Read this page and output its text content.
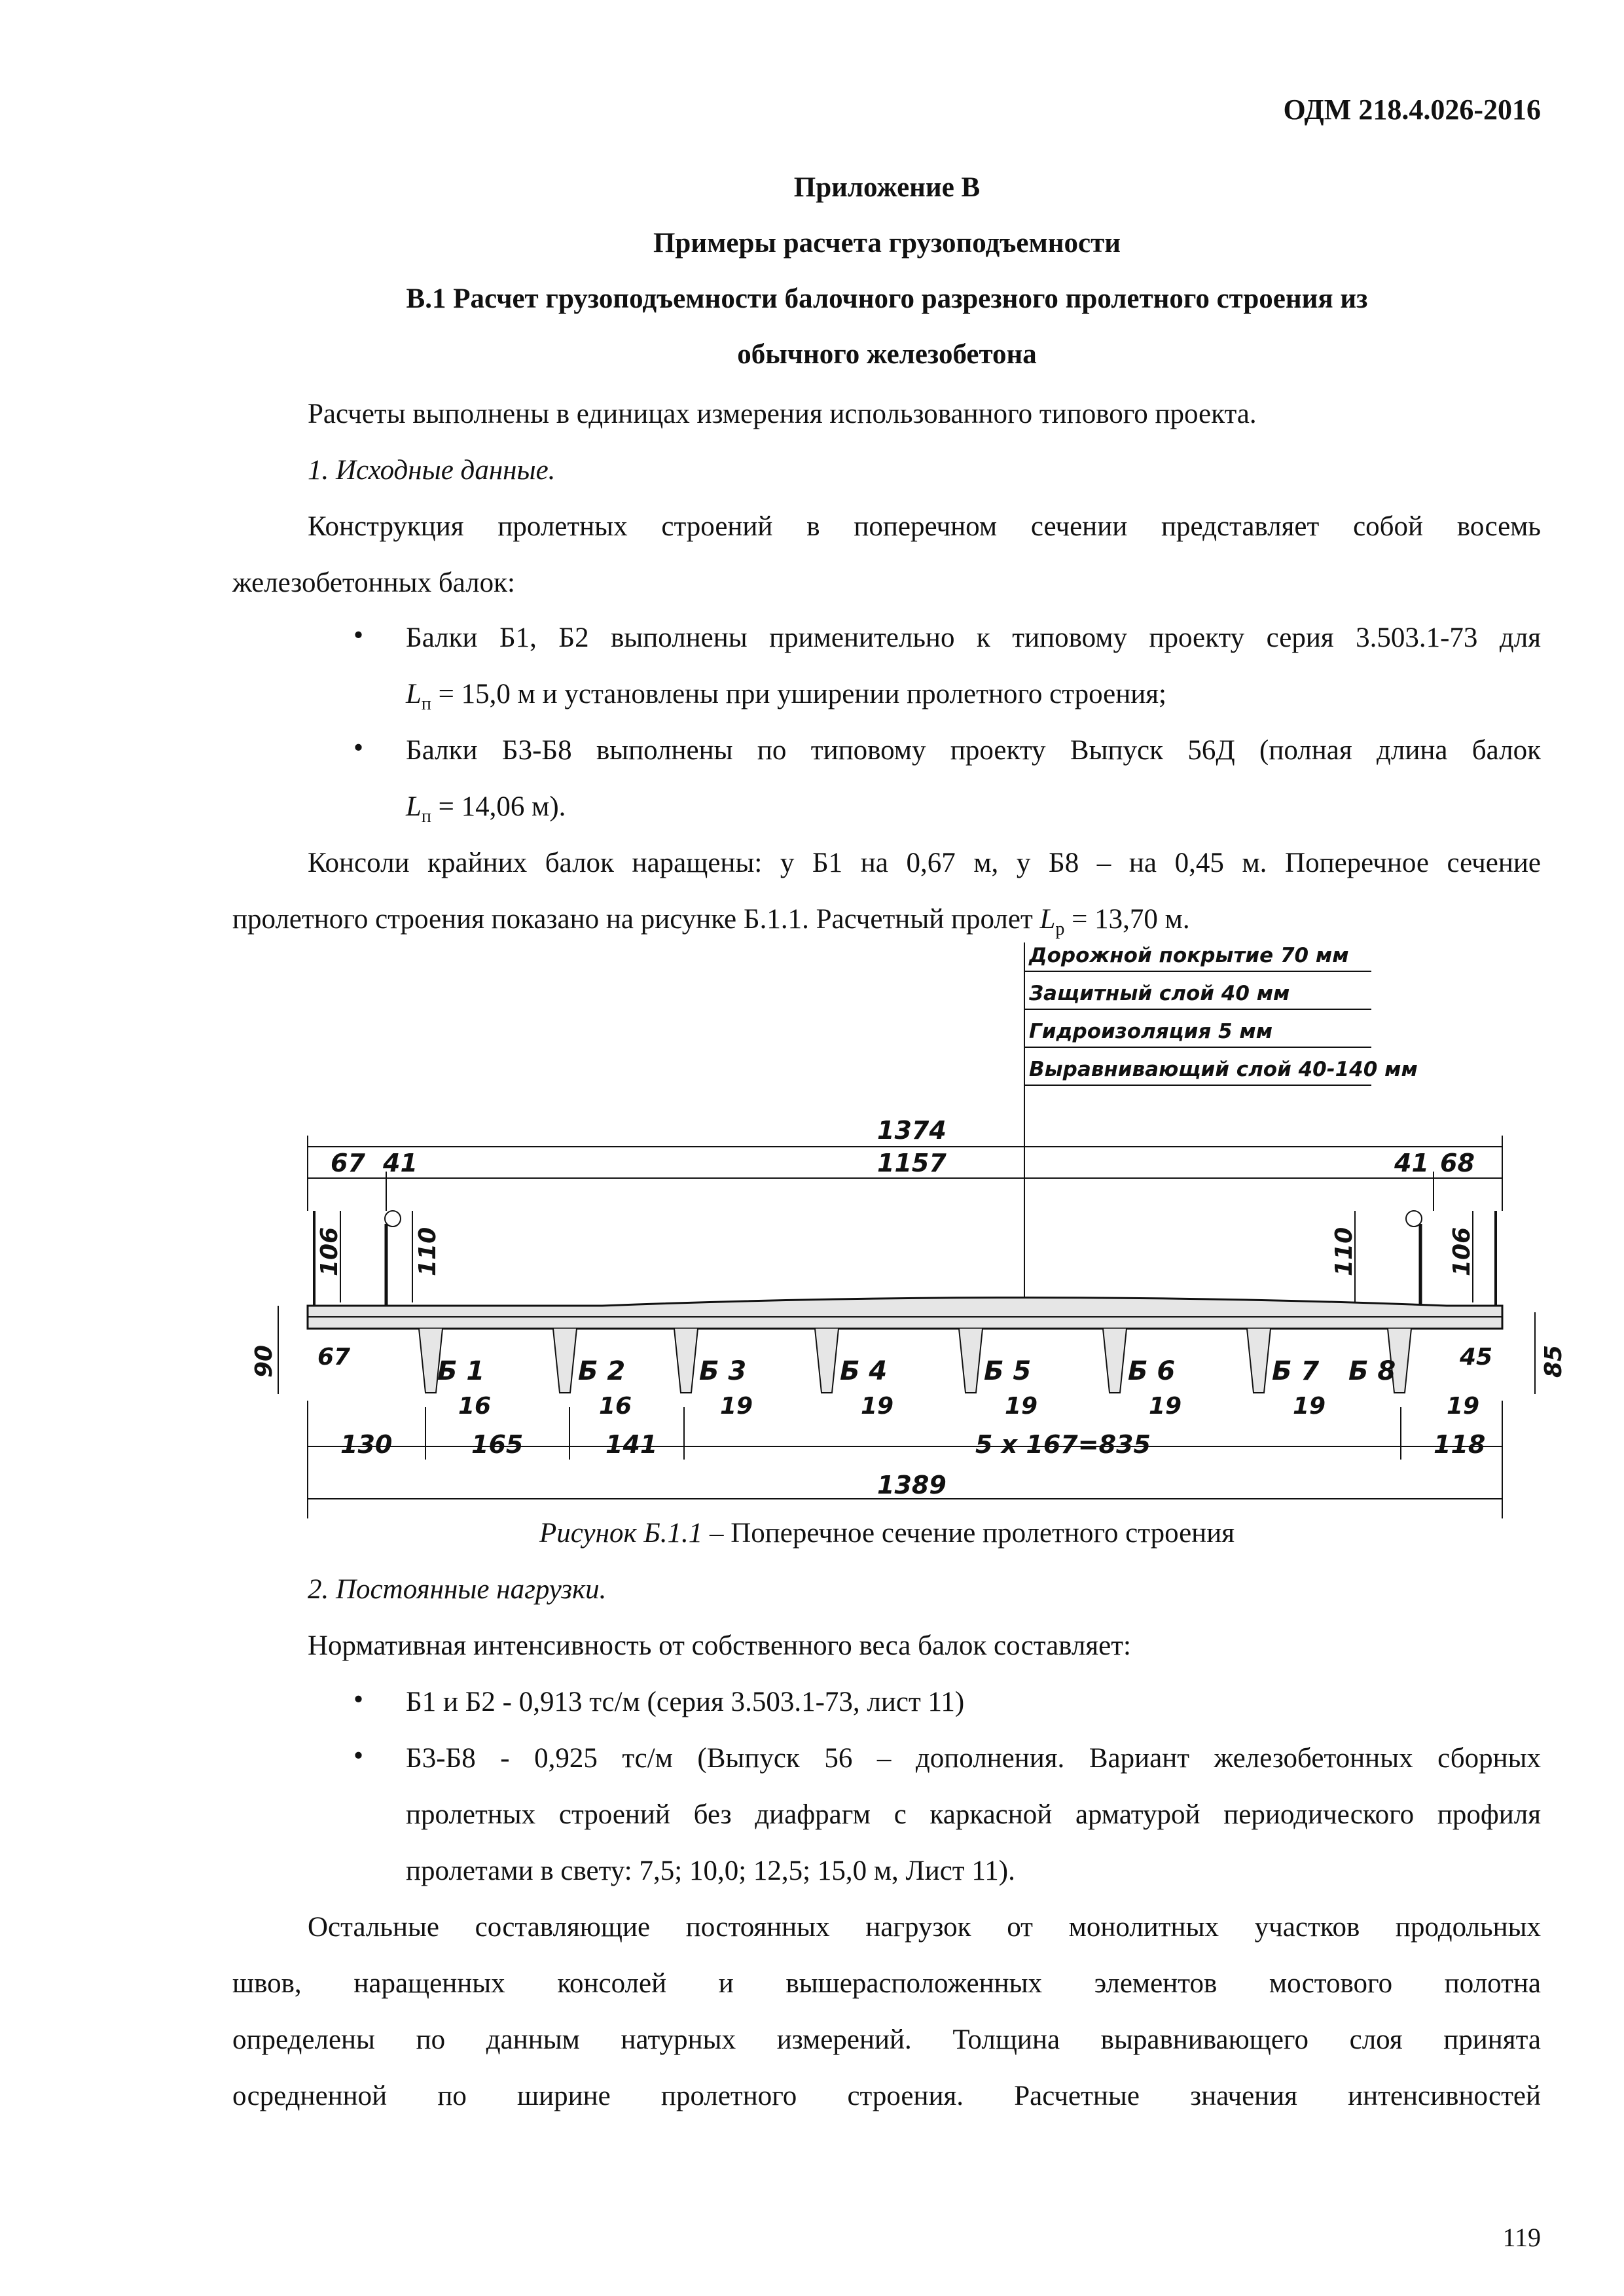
ОДМ 218.4.026-2016
Приложение В
Примеры расчета грузоподъемности
В.1 Расчет грузоподъемности балочного разрезного пролетного строения из
обычного железобетона
Расчеты выполнены в единицах измерения использованного типового проекта.
1. Исходные данные.
Конструкция пролетных строений в поперечном сечении представляет собой восемь
железобетонных балок:
• Балки Б1, Б2 выполнены применительно к типовому проекту серия 3.503.1-73 для
$L_п = 15,0$ м и установлены при уширении пролетного строения;
• Балки Б3-Б8 выполнены по типовому проекту Выпуск 56Д (полная длина балок
$L_п = 14,06$ м).
Консоли крайних балок наращены: у Б1 на 0,67 м, у Б8 – на 0,45 м. Поперечное сечение
пролетного строения показано на рисунке Б.1.1. Расчетный пролет $L_р = 13,70$ м.
Дорожной покрытие 70 мм
Защитный слой 40 мм
Гидроизоляция 5 мм
Выравнивающий слой 40-140 мм
1374
1157
67 41	41 68
106	110	110	106
90	85
67	45
Б 1	Б 2	Б 3	Б 4	Б 5	Б 6	Б 7 Б 8
16	16	19	19	19	19	19	19
130	165	141	5 x 167=835	118
1389
Рисунок Б.1.1 – Поперечное сечение пролетного строения
2. Постоянные нагрузки.
Нормативная интенсивность от собственного веса балок составляет:
• Б1 и Б2 - 0,913 тс/м (серия 3.503.1-73, лист 11)
• Б3-Б8 - 0,925 тс/м (Выпуск 56 – дополнения. Вариант железобетонных сборных
пролетных строений без диафрагм с каркасной арматурой периодического профиля
пролетами в свету: 7,5; 10,0; 12,5; 15,0 м, Лист 11).
Остальные составляющие постоянных нагрузок от монолитных участков продольных
швов, наращенных консолей и вышерасположенных элементов мостового полотна
определены по данным натурных измерений. Толщина выравнивающего слоя принята
осредненной по ширине пролетного строения. Расчетные значения интенсивностей
119
